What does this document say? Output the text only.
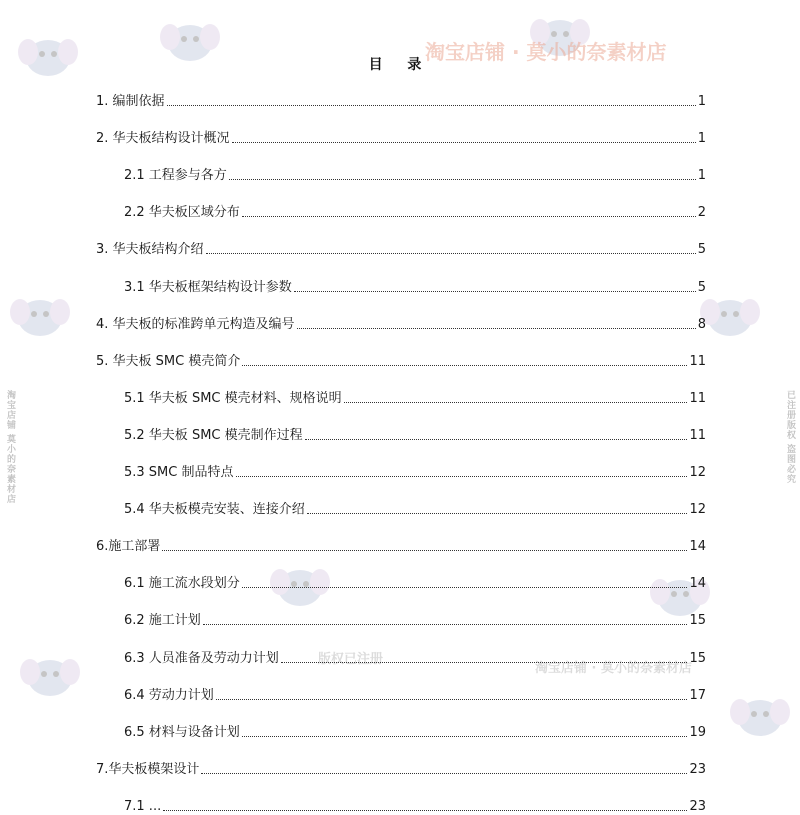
淘宝店铺 · 莫小的奈素材店
淘宝店铺 · 莫小的奈素材店
版权已注册
淘宝店铺 莫小的奈素材店	已注册版权 盗图必究
目 录
1. 编制依据	1
2. 华夫板结构设计概况	1
2.1 工程参与各方	1
2.2 华夫板区域分布	2
3. 华夫板结构介绍	5
3.1 华夫板框架结构设计参数	5
4. 华夫板的标准跨单元构造及编号	8
5. 华夫板 SMC 模壳简介	11
5.1 华夫板 SMC 模壳材料、规格说明	11
5.2 华夫板 SMC 模壳制作过程	11
5.3 SMC 制品特点	12
5.4 华夫板模壳安装、连接介绍	12
6.施工部署	14
6.1 施工流水段划分	14
6.2 施工计划	15
6.3 人员准备及劳动力计划	15
6.4 劳动力计划	17
6.5 材料与设备计划	19
7.华夫板模架设计	23
7.1 ...	23
